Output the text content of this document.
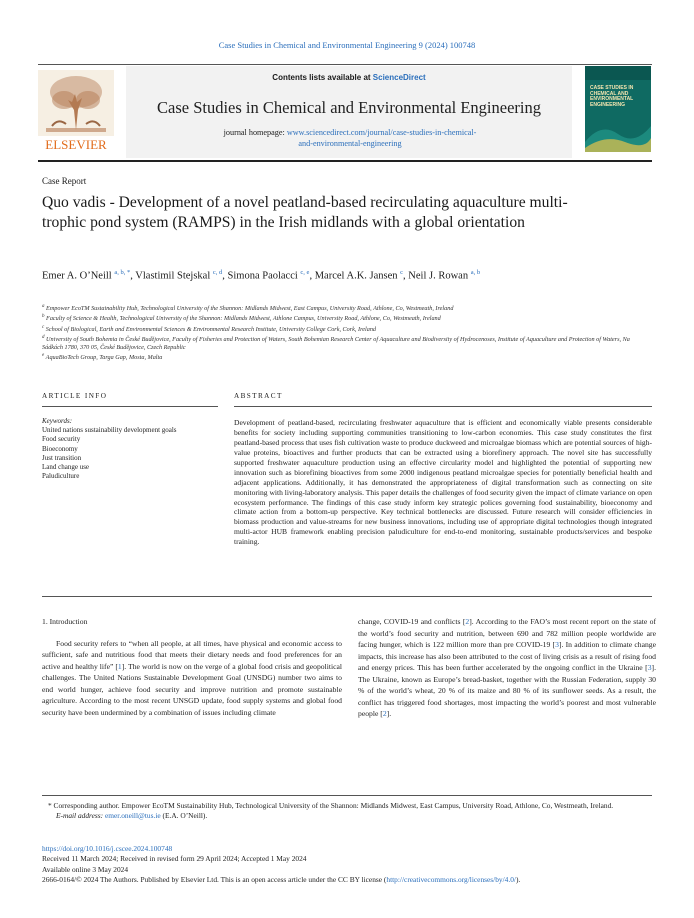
Case Studies in Chemical and Environmental Engineering 9 (2024) 100748
ELSEVIER
Contents lists available at ScienceDirect
Case Studies in Chemical and Environmental Engineering
journal homepage: www.sciencedirect.com/journal/case-studies-in-chemical-
and-environmental-engineering
CASE STUDIES IN CHEMICAL AND ENVIRONMENTAL ENGINEERING
Case Report
Quo vadis - Development of a novel peatland-based recirculating aquaculture multi-trophic pond system (RAMPS) in the Irish midlands with a global orientation
Emer A. O’Neill $^{a, b, *}$, Vlastimil Stejskal $^{c, d}$, Simona Paolacci $^{c, e}$, Marcel A.K. Jansen $^c$, Neil J. Rowan $^{a, b}$
$^a$ Empower EcoTM Sustainability Hub, Technological University of the Shannon: Midlands Midwest, East Campus, University Road, Athlone, Co, Westmeath, Ireland
$^b$ Faculty of Science & Health, Technological University of the Shannon: Midlands Midwest, Athlone Campus, University Road, Athlone, Co, Westmeath, Ireland
$^c$ School of Biological, Earth and Environmental Sciences & Environmental Research Institute, University College Cork, Cork, Ireland
$^d$ University of South Bohemia in České Budějovice, Faculty of Fisheries and Protection of Waters, South Bohemian Research Center of Aquaculture and Biodiversity of Hydrocenoses, Institute of Aquaculture and Protection of Waters, Na Sádkách 1780, 370 05, České Budějovice, Czech Republic
$^e$ AquaBioTech Group, Targa Gap, Mosta, Malta
ARTICLE INFO	ABSTRACT
Keywords:
United nations sustainability development goals
Food security
Bioeconomy
Just transition
Land change use
Paludiculture
Development of peatland-based, recirculating freshwater aquaculture that is efficient and economically viable presents considerable benefits for society including supporting communities transitioning to low-carbon economies. This case study constitutes the first peatland-based process that uses fish cultivation waste to produce duckweed and microalgae biomass which are potential sources of high-value proteins, bioactives and further products that can be extracted using a biorefinery approach. The novel site has successfully supported freshwater aquaculture production using an effective circularity model and highlighted the potential of supporting new innovation such as biorefining bioactives from some 2000 indigenous peatland microalgae species for potentially beneficial health and adjacent applications. Additionally, it has demonstrated the appropriateness of digital transformation such as connecting on site monitoring with living-laboratory analysis. This paper details the challenges of food security given the impact of climate variance on open ecosystem performance. The findings of this case study inform key strategic polices governing food sustainability, bioeconomy and climate action from a bottom-up perspective. Key technical bottlenecks are discussed. Future research will consider efficiencies in biomass production and value-streams for new business innovations, including use of appropriate digital technologies though integrated multi-actor HUB framework enabling precision paludiculture for end-to-end monitoring, sustainable products/services and bespoke training.
1. Introduction
Food security refers to “when all people, at all times, have physical and economic access to sufficient, safe and nutritious food that meets their dietary needs and food preferences for an active and healthy life” [1]. The world is now on the verge of a global food crisis and geopolitical challenges. The United Nations Sustainable Development Goal (UNSDG) number two aims to end world hunger, achieve food security and improve nutrition and promote sustainable agriculture. According to the most recent UNSGD update, food supply systems and global food security have been undermined by a combination of issues including climate
change, COVID-19 and conflicts [2]. According to the FAO’s most recent report on the state of the world’s food security and nutrition, between 690 and 782 million people worldwide are facing hunger, which is 122 million more than pre COVID-19 [3]. In addition to climate change impacts, this increase has also been attributed to the cost of living crisis as a result of rising food and energy prices. This has been further accelerated by the ongoing conflict in the Ukraine [3]. The Ukraine, known as Europe’s bread-basket, together with the Russian Federation, supply 30 % of the world’s wheat, 20 % of its maize and 80 % of its sunflower seeds. As a result, the conflict has triggered food shortages, most impacting the world’s poorest and most vulnerable people [2].
* Corresponding author. Empower EcoTM Sustainability Hub, Technological University of the Shannon: Midlands Midwest, East Campus, University Road, Athlone, Co, Westmeath, Ireland.
E-mail address: emer.oneill@tus.ie (E.A. O’Neill).
https://doi.org/10.1016/j.cscee.2024.100748
Received 11 March 2024; Received in revised form 29 April 2024; Accepted 1 May 2024
Available online 3 May 2024
2666-0164/© 2024 The Authors. Published by Elsevier Ltd. This is an open access article under the CC BY license (http://creativecommons.org/licenses/by/4.0/).
